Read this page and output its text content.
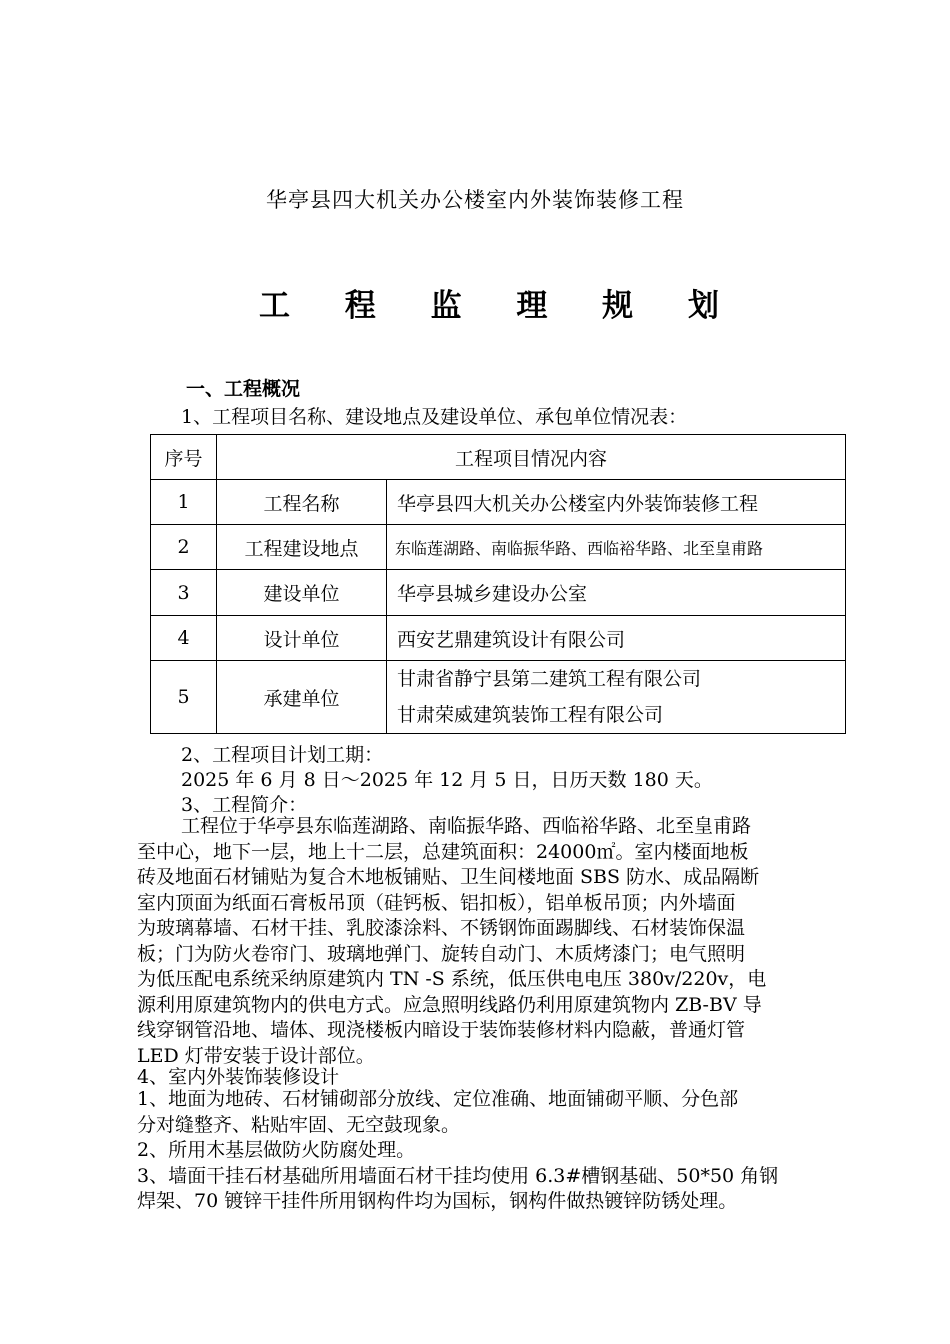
华亭县四大机关办公楼室内外装饰装修工程
工 程 监 理 规 划
一、工程概况
1、工程项目名称、建设地点及建设单位、承包单位情况表：
序号	工程项目情况内容	
1	工程名称	华亭县四大机关办公楼室内外装饰装修工程
2	工程建设地点	东临莲湖路、南临振华路、西临裕华路、北至皇甫路
3	建设单位	华亭县城乡建设办公室
4	设计单位	西安艺鼎建筑设计有限公司
5	承建单位	甘肃省静宁县第二建筑工程有限公司
甘肃荣威建筑装饰工程有限公司
2、工程项目计划工期：
2025 年 6 月 8 日～2025 年 12 月 5 日，日历天数 180 天。
3、工程简介：
工程位于华亭县东临莲湖路、南临振华路、西临裕华路、北至皇甫路
至中心，地下一层，地上十二层，总建筑面积：24000㎡。室内楼面地板
砖及地面石材铺贴为复合木地板铺贴、卫生间楼地面 SBS 防水、成品隔断
室内顶面为纸面石膏板吊顶（硅钙板、铝扣板），铝单板吊顶；内外墙面
为玻璃幕墙、石材干挂、乳胶漆涂料、不锈钢饰面踢脚线、石材装饰保温
板；门为防火卷帘门、玻璃地弹门、旋转自动门、木质烤漆门；电气照明
为低压配电系统采纳原建筑内 TN -S 系统，低压供电电压 380v/220v，电
源利用原建筑物内的供电方式。应急照明线路仍利用原建筑物内 ZB-BV 导
线穿钢管沿地、墙体、现浇楼板内暗设于装饰装修材料内隐蔽，普通灯管
LED 灯带安装于设计部位。
4、室内外装饰装修设计
1、地面为地砖、石材铺砌部分放线、定位准确、地面铺砌平顺、分色部
分对缝整齐、粘贴牢固、无空鼓现象。
2、所用木基层做防火防腐处理。
3、墙面干挂石材基础所用墙面石材干挂均使用 6.3#槽钢基础、50*50 角钢
焊架、70 镀锌干挂件所用钢构件均为国标，钢构件做热镀锌防锈处理。
